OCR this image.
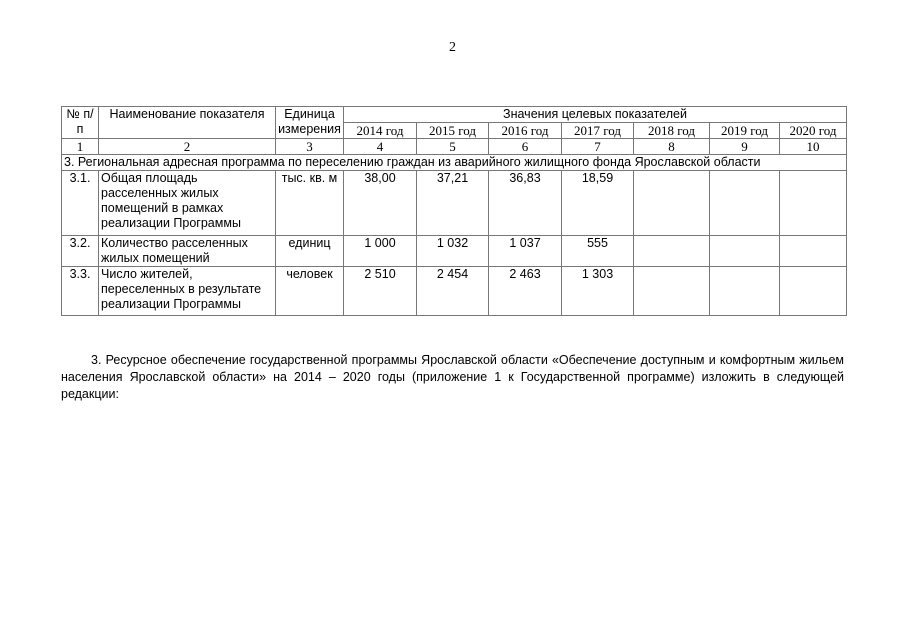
2
№ п/п	Наименование показателя	Единица измерения	Значения целевых показателей						
			2014 год	2015 год	2016 год	2017 год	2018 год	2019 год	2020 год
1	2	3	4	5	6	7	8	9	10
3. Региональная адресная программа по переселению граждан из аварийного жилищного фонда Ярославской области									
3.1.	Общая площадь расселенных жилых помещений в рамках реализации Программы	тыс. кв. м	38,00	37,21	36,83	18,59			
3.2.	Количество расселенных жилых помещений	единиц	1 000	1 032	1 037	555			
3.3.	Число жителей, переселенных в результате реализации Программы	человек	2 510	2 454	2 463	1 303			

3. Ресурсное обеспечение государственной программы Ярославской области «Обеспечение доступным и комфортным жильем населения Ярославской области» на 2014 – 2020 годы (приложение 1 к Государственной программе) изложить в следующей редакции:
